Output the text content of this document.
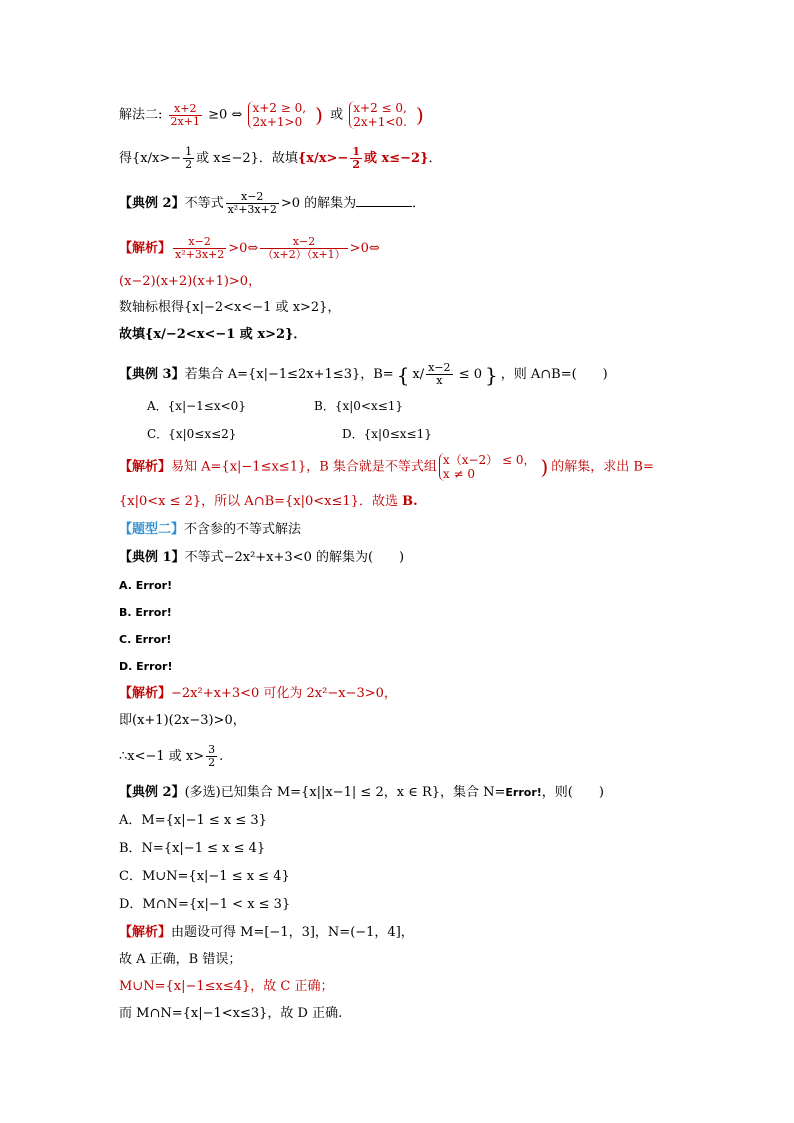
解法二: $\frac{x+2}{2x+1} \ge 0$ ⇔ x+2 ≥ 0,
2x+1>0 ) 或 x+2 ≤ 0,
2x+1<0. )
得{$x/x>- \frac{1}{2}$ 或 x≤−2}．故填{$x/x>- \frac{1}{2}$ 或 x≤−2}．
【典例 2】不等式 $\frac{x-2}{\text{x²+3x+2}} >0$ 的解集为	．
【解析】 $\frac{x-2}{\text{x²+3x+2}}$ >0⇔ $\frac{x-2}{(x+2)(x+1)}$ >0⇔
(x−2)(x+2)(x+1)>0，
数轴标根得{x|−2<x<−1 或 x>2}，
故填{x/−2<x<−1 或 x>2}．
【典例 3】若集合 A={x|−1≤2x+1≤3}，B= { $x/ \frac{x-2}{x} \le 0$ } ，则 A∩B=(　　)
A．{x|−1≤x<0}	B．{x|0<x≤1}
C．{x|0≤x≤2}	D．{x|0≤x≤1}
【解析】易知 A={x|−1≤x≤1}，B 集合就是不等式组 x（x−2） ≤ 0，
x ≠ 0	) 的解集，求出 B=
{x|0<x ≤ 2}，所以 A∩B={x|0<x≤1}．故选 B.
【题型二】不含参的不等式解法
【典例 1】不等式−2x²+x+3<0 的解集为(　　)
A. Error!
B. Error!
C. Error!
D. Error!
【解析】−2x²+x+3<0 可化为 2x²−x−3>0，
即(x+1)(2x−3)>0，
∴x<−1 或 $x> \frac{3}{2}$ .
【典例 2】(多选)已知集合 M={x||x−1| ≤ 2，x ∈ R}，集合 N=Error!，则(　　)
A．M={x|−1 ≤ x ≤ 3}
B．N={x|−1 ≤ x ≤ 4}
C．M∪N={x|−1 ≤ x ≤ 4}
D．M∩N={x|−1 < x ≤ 3}
【解析】由题设可得 M=[−1，3]，N=(−1，4]，
故 A 正确，B 错误；
M∪N={x|−1≤x≤4}，故 C 正确；
而 M∩N={x|−1<x≤3}，故 D 正确.
